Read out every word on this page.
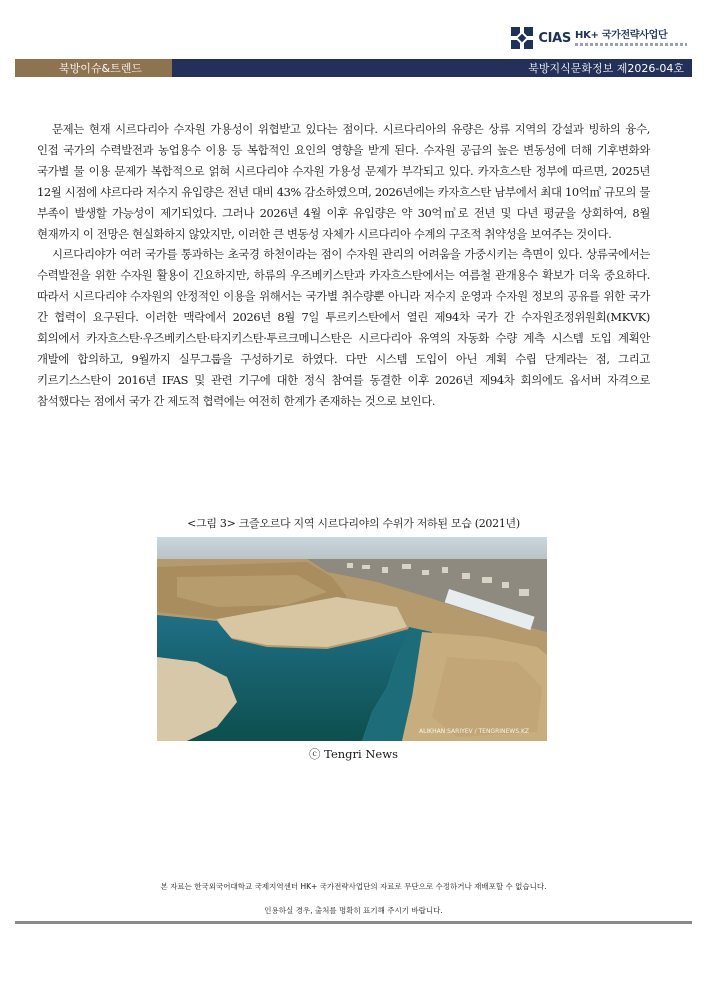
CIAS HK+ 국가전략사업단
북방이슈&트렌드	북방지식문화정보 제2026-04호

문제는 현재 시르다리아 수자원 가용성이 위협받고 있다는 점이다. 시르다리아의 유량은 상류 지역의 강설과 빙하의 융수, 인접 국가의 수력발전과 농업용수 이용 등 복합적인 요인의 영향을 받게 된다. 수자원 공급의 높은 변동성에 더해 기후변화와 국가별 물 이용 문제가 복합적으로 얽혀 시르다리야 수자원 가용성 문제가 부각되고 있다. 카자흐스탄 정부에 따르면, 2025년 12월 시점에 샤르다라 저수지 유입량은 전년 대비 43% 감소하였으며, 2026년에는 카자흐스탄 남부에서 최대 10억㎥ 규모의 물 부족이 발생할 가능성이 제기되었다. 그러나 2026년 4월 이후 유입량은 약 30억㎥로 전년 및 다년 평균을 상회하여, 8월 현재까지 이 전망은 현실화하지 않았지만, 이러한 큰 변동성 자체가 시르다리아 수계의 구조적 취약성을 보여주는 것이다.

시르다리야가 여러 국가를 통과하는 초국경 하천이라는 점이 수자원 관리의 어려움을 가중시키는 측면이 있다. 상류국에서는 수력발전을 위한 수자원 활용이 긴요하지만, 하류의 우즈베키스탄과 카자흐스탄에서는 여름철 관개용수 확보가 더욱 중요하다. 따라서 시르다리야 수자원의 안정적인 이용을 위해서는 국가별 취수량뿐 아니라 저수지 운영과 수자원 정보의 공유를 위한 국가 간 협력이 요구된다. 이러한 맥락에서 2026년 8월 7일 투르키스탄에서 열린 제94차 국가 간 수자원조정위원회(MKVK) 회의에서 카자흐스탄·우즈베키스탄·타지키스탄·투르크메니스탄은 시르다리아 유역의 자동화 수량 계측 시스템 도입 계획안 개발에 합의하고, 9월까지 실무그룹을 구성하기로 하였다. 다만 시스템 도입이 아닌 계획 수립 단계라는 점, 그리고 키르기스스탄이 2016년 IFAS 및 관련 기구에 대한 정식 참여를 동결한 이후 2026년 제94차 회의에도 옵서버 자격으로 참석했다는 점에서 국가 간 제도적 협력에는 여전히 한계가 존재하는 것으로 보인다.

<그림 3> 크즐오르다 지역 시르다리야의 수위가 저하된 모습 (2021년)
ALIKHAN SARIYEV / TENGRINEWS.KZ
ⓒ Tengri News
본 자료는 한국외국어대학교 국제지역센터 HK+ 국가전략사업단의 자료로 무단으로 수정하거나 재배포할 수 없습니다.
인용하실 경우, 출처를 명확히 표기해 주시기 바랍니다.
